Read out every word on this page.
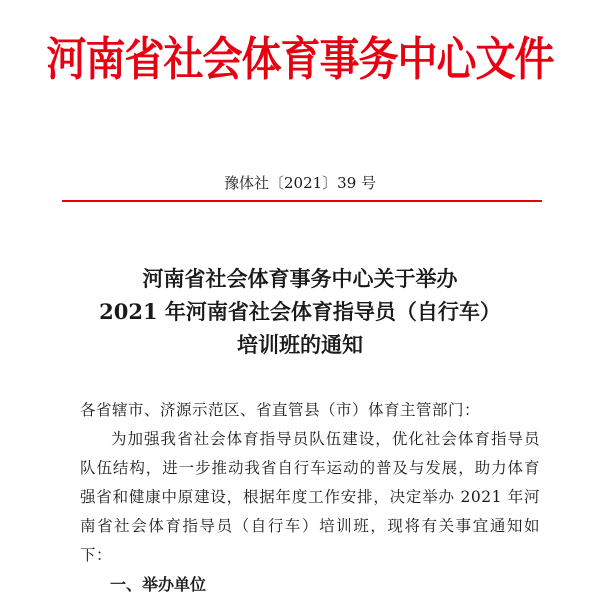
河南省社会体育事务中心文件
豫体社〔2021〕39 号
河南省社会体育事务中心关于举办
2021 年河南省社会体育指导员（自行车）
培训班的通知
各省辖市、济源示范区、省直管县（市）体育主管部门：
为加强我省社会体育指导员队伍建设，优化社会体育指导员队伍结构，进一步推动我省自行车运动的普及与发展，助力体育强省和健康中原建设，根据年度工作安排，决定举办 2021 年河南省社会体育指导员（自行车）培训班，现将有关事宜通知如下：
一、举办单位
